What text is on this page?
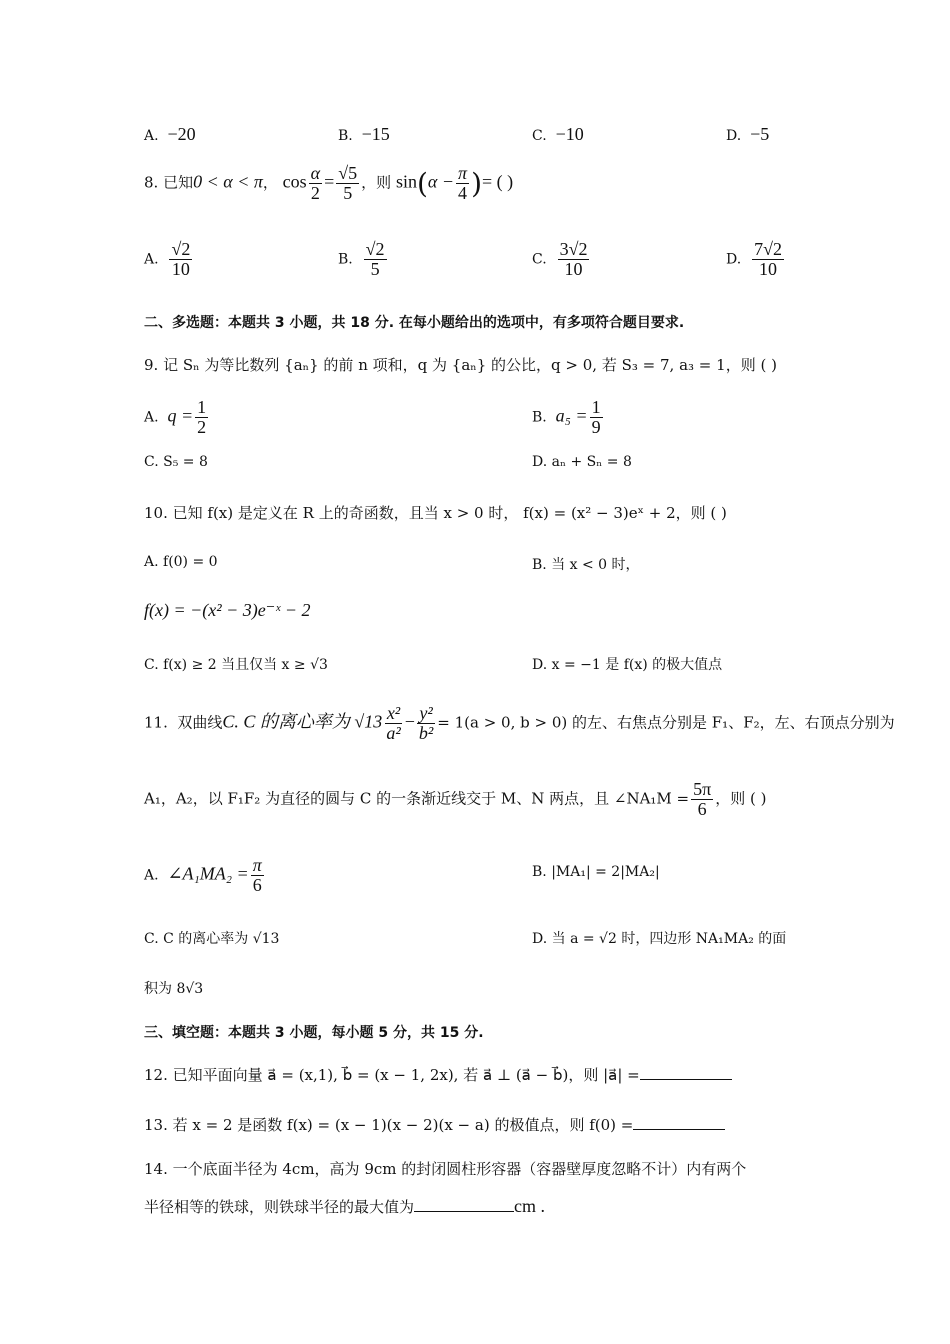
A. −20	B. −15	C. −10	D. −5
8. 已知0 < α < π， $\cos \frac{\alpha}{2} = \frac{√5}{5}$ ，则 $\sin(\alpha - \frac{\pi}{4}$ )= ( )
A. $\frac{√2}{10}$	B. $\frac{√2}{5}$	C. $\frac{3√2}{10}$	D. $\frac{7√2}{10}$
二、多选题：本题共 3 小题，共 18 分. 在每小题给出的选项中，有多项符合题目要求.
9. 记 Sₙ 为等比数列 {aₙ} 的前 n 项和，q 为 {aₙ} 的公比，q > 0, 若 S₃ = 7, a₃ = 1，则 ( )
A. $q = \frac{1}{2}$	B. $a_5 = \frac{1}{9}$
C. S₅ = 8	D. aₙ + Sₙ = 8
10. 已知 f(x) 是定义在 R 上的奇函数，且当 x > 0 时， f(x) = (x² − 3)eˣ + 2，则 ( )
A. f(0) = 0	B. 当 x < 0 时，
f(x) = −(x² − 3)e⁻ˣ − 2
C. f(x) ≥ 2 当且仅当 x ≥ √3	D. x = −1 是 f(x) 的极大值点
11. 双曲线C. C 的离心率为 $√13 \frac{\text{x²}}{\text{a²}} - \frac{\text{y²}}{\text{b²}} = 1(a > 0$, b > 0) 的左、右焦点分别是 F₁、F₂，左、右顶点分别为
A₁，A₂，以 F₁F₂ 为直径的圆与 C 的一条渐近线交于 M、N 两点，且 ∠NA₁M = $\frac{5\pi}{6}$ ，则 ( )
A. ∠A₁MA₂ = $\frac{\pi}{6}$	B. |MA₁| = 2|MA₂|
C. C 的离心率为 √13	D. 当 a = √2 时，四边形 NA₁MA₂ 的面
积为 8√3
三、填空题：本题共 3 小题，每小题 5 分，共 15 分.
12. 已知平面向量 a⃗ = (x,1), b⃗ = (x − 1, 2x), 若 a⃗ ⊥ (a⃗ − b⃗)，则 |a⃗| =
13. 若 x = 2 是函数 f(x) = (x − 1)(x − 2)(x − a) 的极值点，则 f(0) =
14. 一个底面半径为 4cm，高为 9cm 的封闭圆柱形容器（容器壁厚度忽略不计）内有两个
半径相等的铁球，则铁球半径的最大值为	cm .
